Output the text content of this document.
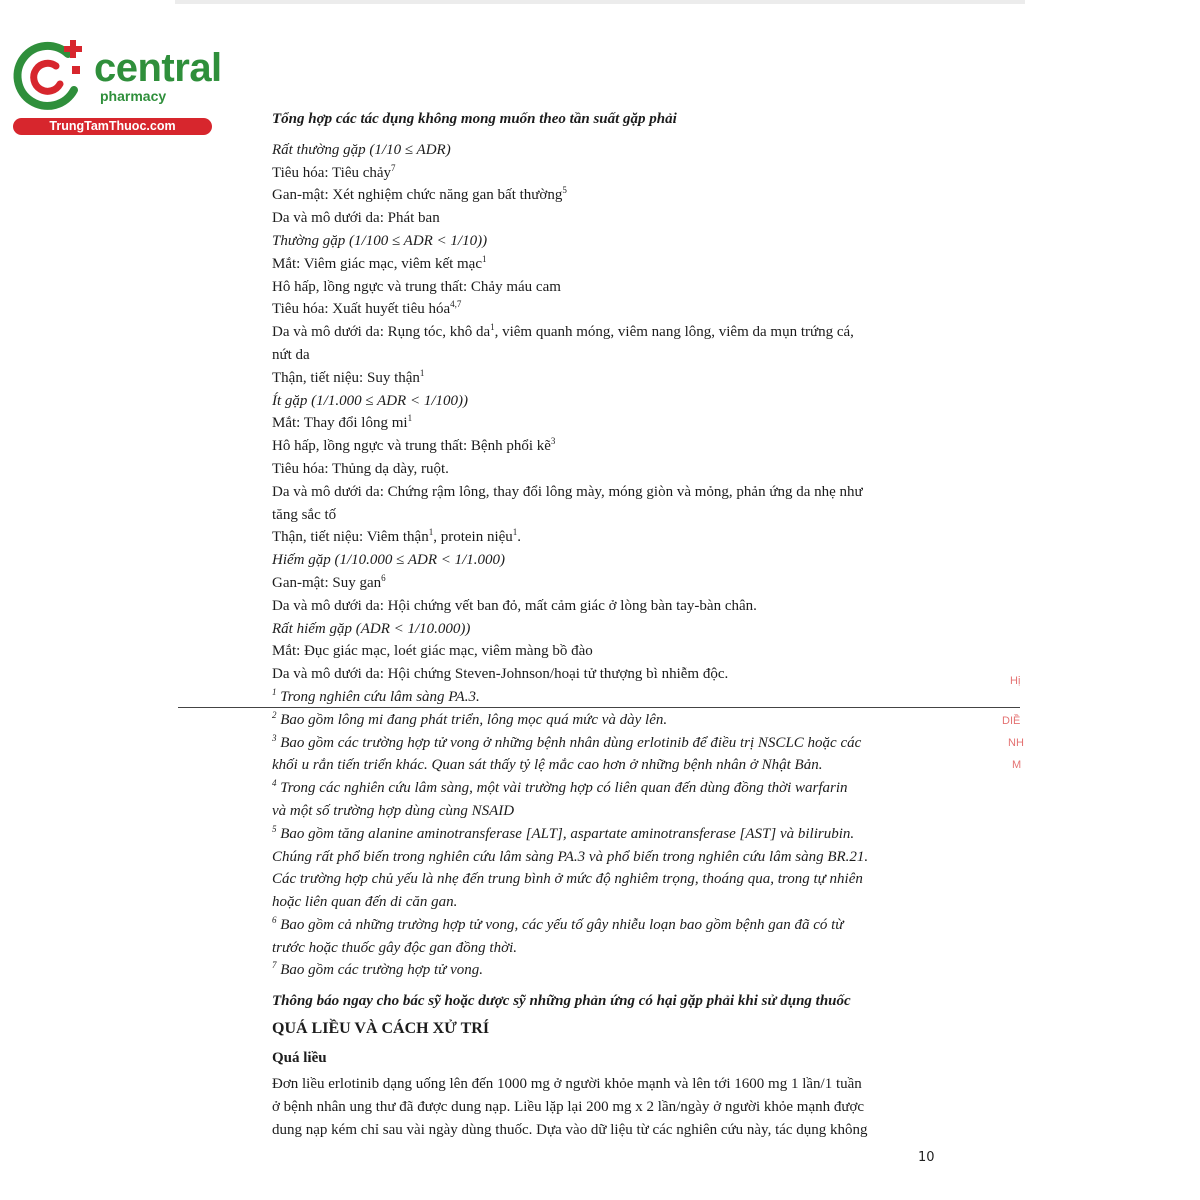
central
pharmacy
TrungTamThuoc.com	Tổng hợp các tác dụng không mong muốn theo tần suất gặp phải
Rất thường gặp (1/10 ≤ ADR)
Tiêu hóa: Tiêu chảy$^7$
Gan-mật: Xét nghiệm chức năng gan bất thường$^5$
Da và mô dưới da: Phát ban
Thường gặp (1/100 ≤ ADR < 1/10))
Mắt: Viêm giác mạc, viêm kết mạc$^1$
Hô hấp, lồng ngực và trung thất: Chảy máu cam
Tiêu hóa: Xuất huyết tiêu hóa$^{4,7}$
Da và mô dưới da: Rụng tóc, khô $da^1$, viêm quanh móng, viêm nang lông, viêm da mụn trứng cá,
nứt da
Thận, tiết niệu: Suy thận$^1$
Ít gặp (1/1.000 ≤ ADR < 1/100))
Mắt: Thay đổi lông $mi^1$
Hô hấp, lồng ngực và trung thất: Bệnh phổi kẽ$^3$
Tiêu hóa: Thủng dạ dày, ruột.
Da và mô dưới da: Chứng rậm lông, thay đổi lông mày, móng giòn và mỏng, phản ứng da nhẹ như
tăng sắc tố
Thận, tiết niệu: Viêm thận$^1$, protein niệu$^1$.
Hiếm gặp (1/10.000 ≤ ADR < 1/1.000)
Gan-mật: Suy gan$^6$
Da và mô dưới da: Hội chứng vết ban đỏ, mất cảm giác ở lòng bàn tay-bàn chân.
Rất hiếm gặp (ADR < 1/10.000))
Mắt: Đục giác mạc, loét giác mạc, viêm màng bồ đào
Da và mô dưới da: Hội chứng Steven-Johnson/hoại tử thượng bì nhiễm độc.
$^1$ Trong nghiên cứu lâm sàng PA.3.
$^2$ Bao gồm lông mi đang phát triển, lông mọc quá mức và dày lên.
$^3$ Bao gồm các trường hợp tử vong ở những bệnh nhân dùng erlotinib để điều trị NSCLC hoặc các
khối u rắn tiến triển khác. Quan sát thấy tỷ lệ mắc cao hơn ở những bệnh nhân ở Nhật Bản.
$^4$ Trong các nghiên cứu lâm sàng, một vài trường hợp có liên quan đến dùng đồng thời warfarin
và một số trường hợp dùng cùng NSAID
$^5$ Bao gồm tăng alanine aminotransferase [ALT], aspartate aminotransferase [AST] và bilirubin.
Chúng rất phổ biến trong nghiên cứu lâm sàng PA.3 và phổ biến trong nghiên cứu lâm sàng BR.21.
Các trường hợp chủ yếu là nhẹ đến trung bình ở mức độ nghiêm trọng, thoáng qua, trong tự nhiên
hoặc liên quan đến di căn gan.
$^6$ Bao gồm cả những trường hợp tử vong, các yếu tố gây nhiễu loạn bao gồm bệnh gan đã có từ
trước hoặc thuốc gây độc gan đồng thời.
$^7$ Bao gồm các trường hợp tử vong.
Thông báo ngay cho bác sỹ hoặc dược sỹ những phản ứng có hại gặp phải khi sử dụng thuốc
QUÁ LIỀU VÀ CÁCH XỬ TRÍ
Quá liều
Đơn liều erlotinib dạng uống lên đến 1000 mg ở người khỏe mạnh và lên tới 1600 mg 1 lần/1 tuần
ở bệnh nhân ung thư đã được dung nạp. Liều lặp lại 200 mg x 2 lần/ngày ở người khỏe mạnh được
dung nạp kém chỉ sau vài ngày dùng thuốc. Dựa vào dữ liệu từ các nghiên cứu này, tác dụng không
Hị
DIỀ
NH
M
10
